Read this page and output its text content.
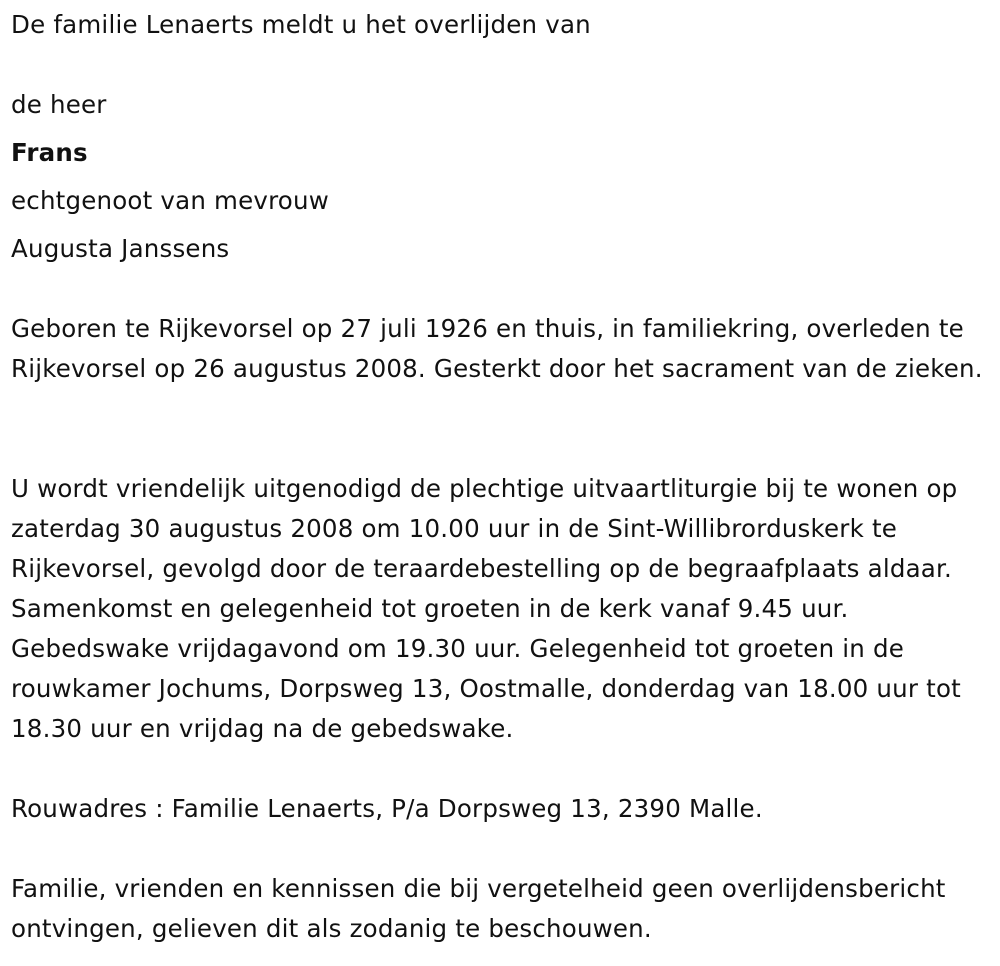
De familie Lenaerts meldt u het overlijden van
de heer
Frans
echtgenoot van mevrouw
Augusta Janssens
Geboren te Rijkevorsel op 27 juli 1926 en thuis, in familiekring, overleden te Rijkevorsel op 26 augustus 2008. Gesterkt door het sacrament van de zieken.
U wordt vriendelijk uitgenodigd de plechtige uitvaartliturgie bij te wonen op zaterdag 30 augustus 2008 om 10.00 uur in de Sint-Willibrorduskerk te Rijkevorsel, gevolgd door de teraardebestelling op de begraafplaats aldaar. Samenkomst en gelegenheid tot groeten in de kerk vanaf 9.45 uur. Gebedswake vrijdagavond om 19.30 uur. Gelegenheid tot groeten in de rouwkamer Jochums, Dorpsweg 13, Oostmalle, donderdag van 18.00 uur tot 18.30 uur en vrijdag na de gebedswake.
Rouwadres : Familie Lenaerts, P/a Dorpsweg 13, 2390 Malle.
Familie, vrienden en kennissen die bij vergetelheid geen overlijdensbericht ontvingen, gelieven dit als zodanig te beschouwen.
